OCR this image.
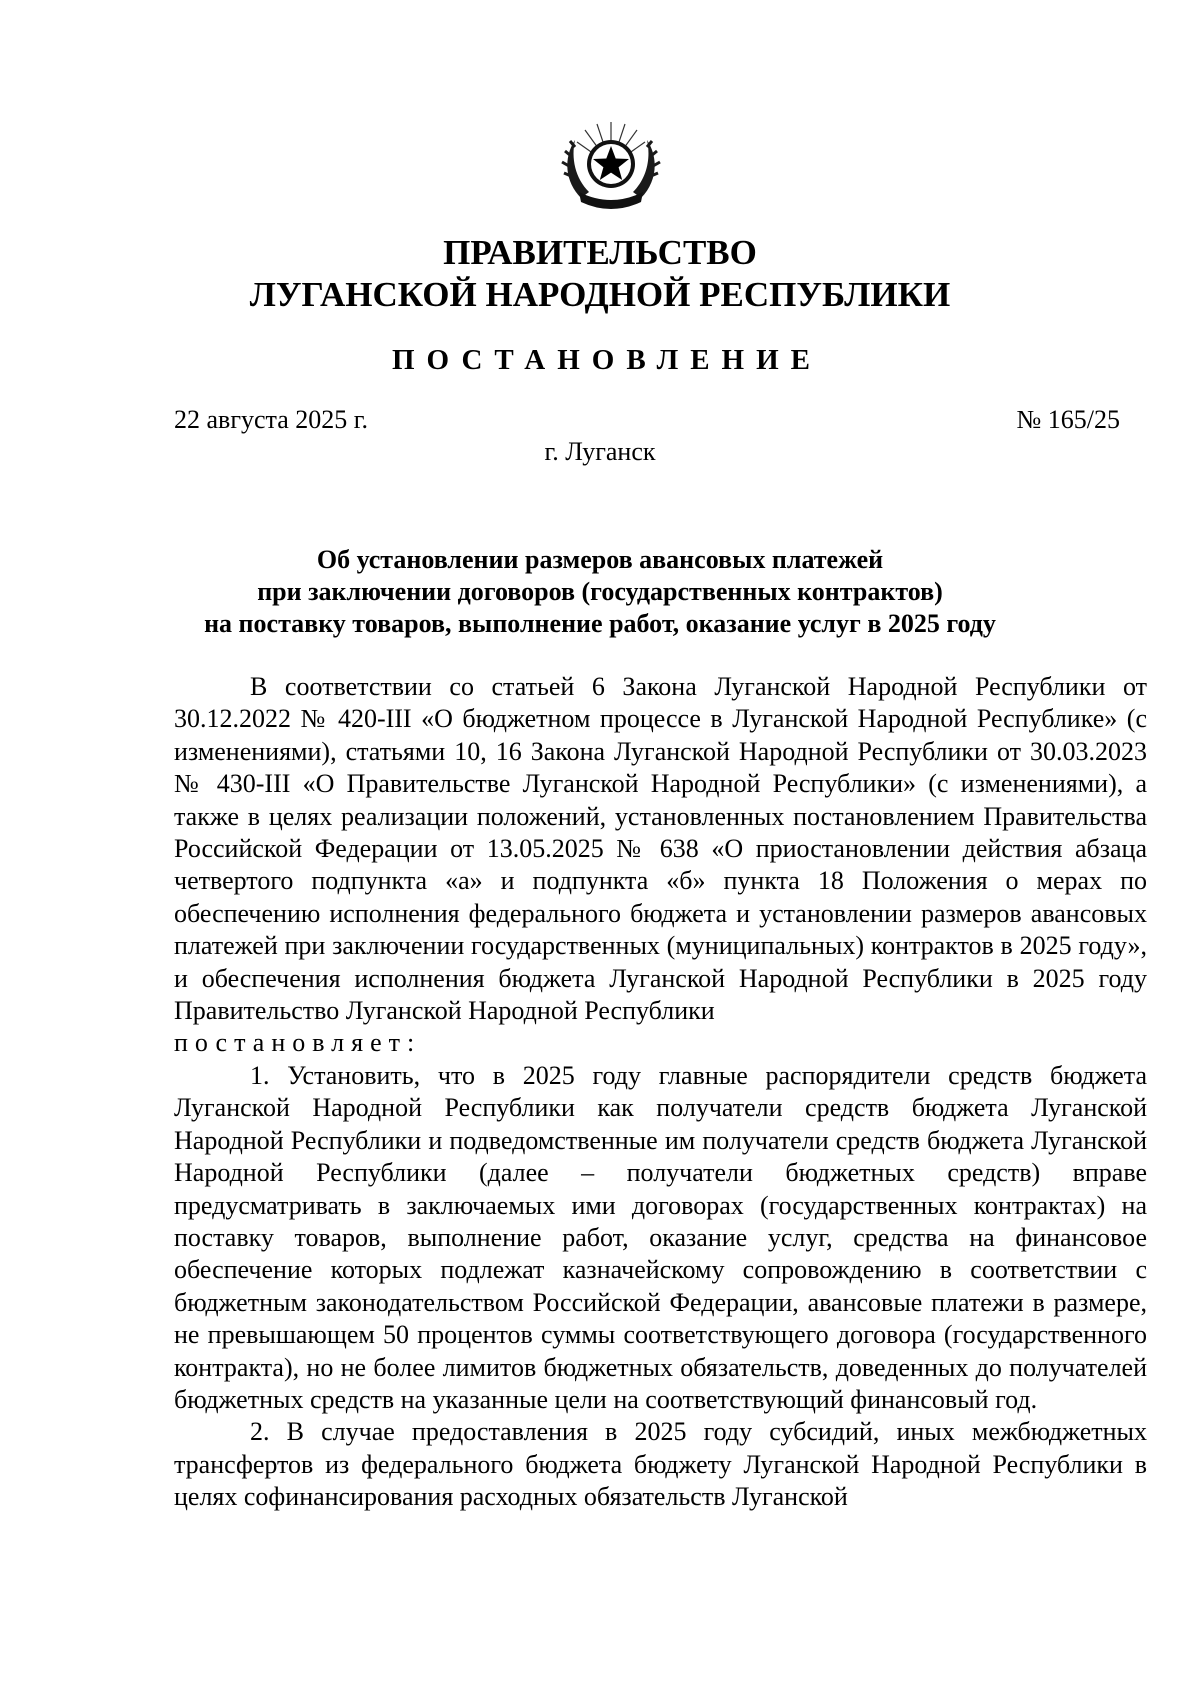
ПРАВИТЕЛЬСТВО
ЛУГАНСКОЙ НАРОДНОЙ РЕСПУБЛИКИ
ПОСТАНОВЛЕНИЕ
22 августа 2025 г.	№ 165/25
г. Луганск
Об установлении размеров авансовых платежей
при заключении договоров (государственных контрактов)
на поставку товаров, выполнение работ, оказание услуг в 2025 году

В соответствии со статьей 6 Закона Луганской Народной Республики от 30.12.2022 № 420-III «О бюджетном процессе в Луганской Народной Республике» (с изменениями), статьями 10, 16 Закона Луганской Народной Республики от 30.03.2023 № 430-III «О Правительстве Луганской Народной Республики» (с изменениями), а также в целях реализации положений, установленных постановлением Правительства Российской Федерации от 13.05.2025 № 638 «О приостановлении действия абзаца четвертого подпункта «а» и подпункта «б» пункта 18 Положения о мерах по обеспечению исполнения федерального бюджета и установлении размеров авансовых платежей при заключении государственных (муниципальных) контрактов в 2025 году», и обеспечения исполнения бюджета Луганской Народной Республики в 2025 году Правительство Луганской Народной Республики

постановляет:

1. Установить, что в 2025 году главные распорядители средств бюджета Луганской Народной Республики как получатели средств бюджета Луганской Народной Республики и подведомственные им получатели средств бюджета Луганской Народной Республики (далее – получатели бюджетных средств) вправе предусматривать в заключаемых ими договорах (государственных контрактах) на поставку товаров, выполнение работ, оказание услуг, средства на финансовое обеспечение которых подлежат казначейскому сопровождению в соответствии с бюджетным законодательством Российской Федерации, авансовые платежи в размере, не превышающем 50 процентов суммы соответствующего договора (государственного контракта), но не более лимитов бюджетных обязательств, доведенных до получателей бюджетных средств на указанные цели на соответствующий финансовый год.

2. В случае предоставления в 2025 году субсидий, иных межбюджетных трансфертов из федерального бюджета бюджету Луганской Народной Республики в целях софинансирования расходных обязательств Луганской
